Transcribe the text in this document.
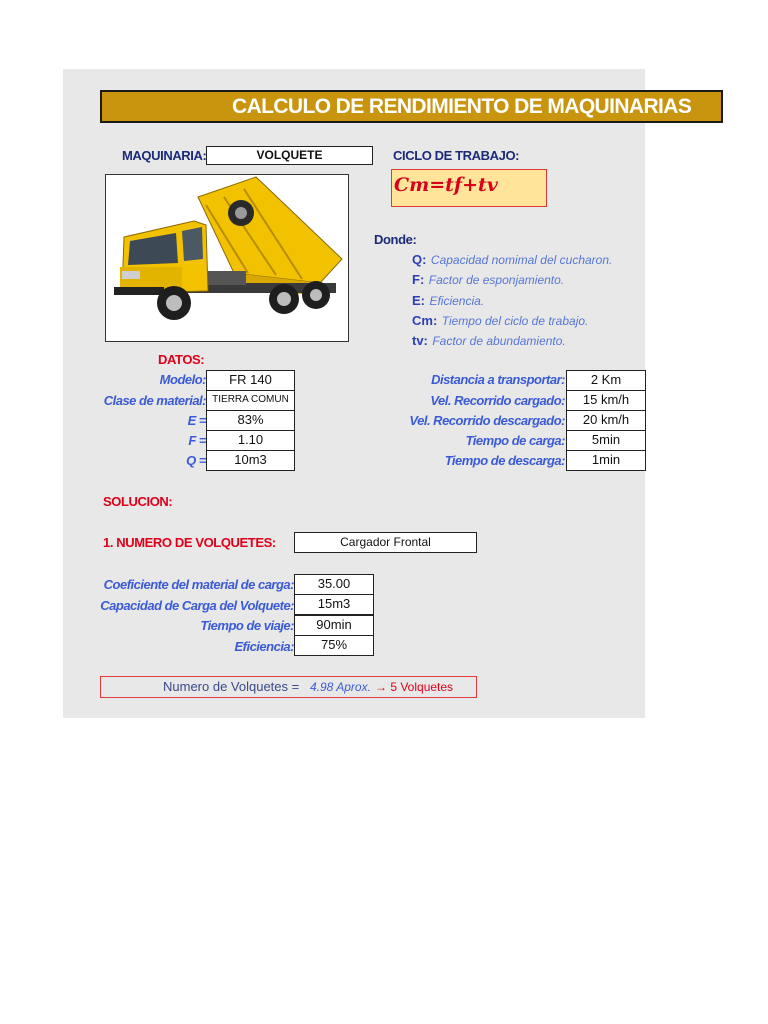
CALCULO DE RENDIMIENTO DE MAQUINARIAS
MAQUINARIA:	VOLQUETE	CICLO DE TRABAJO:
Cm=tf+tv
Donde:
Q: Capacidad nomimal del cucharon.
F: Factor de esponjamiento.
E: Eficiencia.
Cm: Tiempo del ciclo de trabajo.
tv: Factor de abundamiento.
DATOS:
Modelo:	FR 140
Clase de material: TIERRA COMUN
E =	83%
F =	1.10
Q =	10m3
Distancia a transportar:	2 Km
Vel. Recorrido cargado:	15 km/h
Vel. Recorrido descargado:	20 km/h
Tiempo de carga:	5min
Tiempo de descarga:	1min
SOLUCION:
1. NUMERO DE VOLQUETES:	Cargador Frontal
Coeficiente del material de carga:	35.00
Capacidad de Carga del Volquete:	15m3
Tiempo de viaje:	90min
Eficiencia:	75%
Numero de Volquetes = 4.98 Aprox. → 5 Volquetes
